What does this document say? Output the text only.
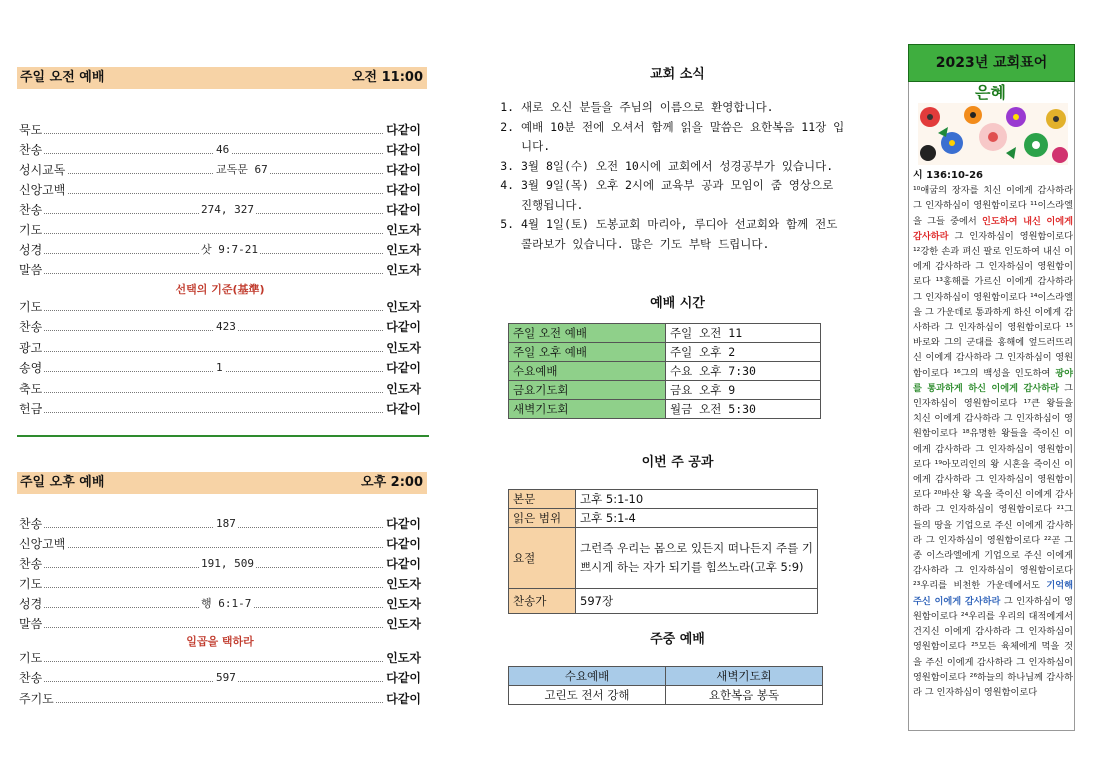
주일 오전 예배	오전 11:00
묵도	다같이
찬송	46	다같이
성시교독	교독문 67	다같이
신앙고백	다같이
찬송	274, 327	다같이
기도	인도자
성경	삿 9:7-21	인도자
말씀	인도자
선택의 기준(基準)
기도	인도자
찬송	423	다같이
광고	인도자
송영	1	다같이
축도	인도자
헌금	다같이
주일 오후 예배	오후 2:00
찬송	187	다같이
신앙고백	다같이
찬송	191, 509	다같이
기도	인도자
성경	행 6:1-7	인도자
말씀	인도자
일곱을 택하라
기도	인도자
찬송	597	다같이
주기도	다같이
교회 소식
1. 새로 오신 분들을 주님의 이름으로 환영합니다.
2. 예배 10분 전에 오셔서 함께 읽을 말씀은 요한복음 11장 입니다.
3. 3월 8일(수) 오전 10시에 교회에서 성경공부가 있습니다.
4. 3월 9일(목) 오후 2시에 교육부 공과 모임이 줌 영상으로 진행됩니다.
5. 4월 1일(토) 도봉교회 마리아, 루디아 선교회와 함께 전도 콜라보가 있습니다. 많은 기도 부탁 드립니다.
예배 시간
주일 오전 예배	주일 오전 11
주일 오후 예배	주일 오후 2
수요예배	수요 오후 7:30
금요기도회	금요 오후 9
새벽기도회	월금 오전 5:30
이번 주 공과
본문	고후 5:1-10
읽은 범위	고후 5:1-4
요절	그런즉 우리는 몸으로 있든지 떠나든지 주를 기쁘시게 하는 자가 되기를 힘쓰노라(고후 5:9)
찬송가	597장
주중 예배
수요예배	새벽기도회
고린도 전서 강해	요한복음 봉독
2023년 교회표어
은혜
시 136:10-26
¹⁰애굽의 장자를 치신 이에게 감사하라 그 인자하심이 영원함이로다 ¹¹이스라엘을 그들 중에서 인도하여 내신 이에게 감사하라 그 인자하심이 영원함이로다 ¹²강한 손과 펴신 팔로 인도하여 내신 이에게 감사하라 그 인자하심이 영원함이로다 ¹³홍해를 가르신 이에게 감사하라 그 인자하심이 영원함이로다 ¹⁴이스라엘을 그 가운데로 통과하게 하신 이에게 감사하라 그 인자하심이 영원함이로다 ¹⁵바로와 그의 군대를 홍해에 엎드러뜨리신 이에게 감사하라 그 인자하심이 영원함이로다 ¹⁶그의 백성을 인도하여 광야를 통과하게 하신 이에게 감사하라 그 인자하심이 영원함이로다 ¹⁷큰 왕들을 치신 이에게 감사하라 그 인자하심이 영원함이로다 ¹⁸유명한 왕들을 죽이신 이에게 감사하라 그 인자하심이 영원함이로다 ¹⁹아모리인의 왕 시혼을 죽이신 이에게 감사하라 그 인자하심이 영원함이로다 ²⁰바산 왕 옥을 죽이신 이에게 감사하라 그 인자하심이 영원함이로다 ²¹그들의 땅을 기업으로 주신 이에게 감사하라 그 인자하심이 영원함이로다 ²²곧 그 종 이스라엘에게 기업으로 주신 이에게 감사하라 그 인자하심이 영원함이로다 ²³우리를 비천한 가운데에서도 기억해 주신 이에게 감사하라 그 인자하심이 영원함이로다 ²⁴우리를 우리의 대적에게서 건지신 이에게 감사하라 그 인자하심이 영원함이로다 ²⁵모든 육체에게 먹을 것을 주신 이에게 감사하라 그 인자하심이 영원함이로다 ²⁶하늘의 하나님께 감사하라 그 인자하심이 영원함이로다
